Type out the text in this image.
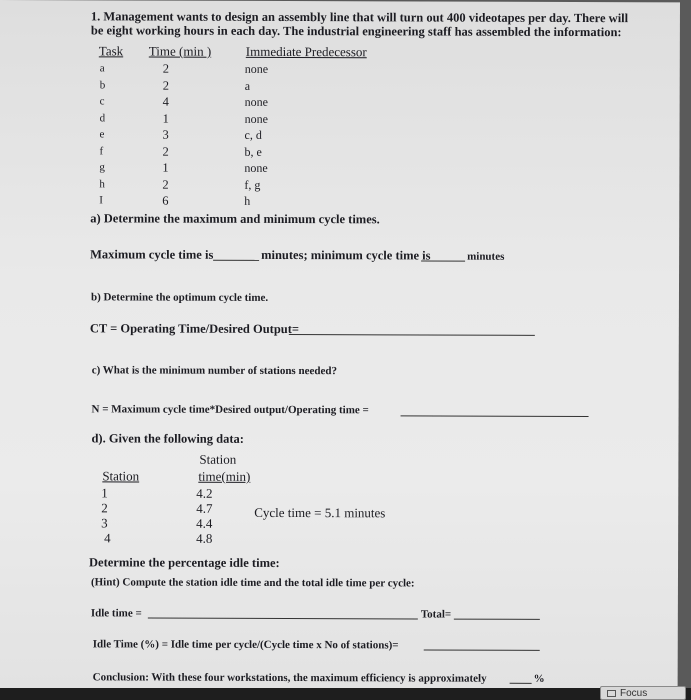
1. Management wants to design an assembly line that will turn out 400 videotapes per day. There will
be eight working hours in each day. The industrial engineering staff has assembled the information:
Task Time (min )	Immediate Predecessor
a	2	none
b	2	a
c	4	none
d	1	none
e	3	c, d
f	2	b, e
g	1	none
h	2	f, g
I	6	h
a) Determine the maximum and minimum cycle times.
Maximum cycle time is	minutes; minimum cycle time is	minutes
b) Determine the optimum cycle time.
CT = Operating Time/Desired Output=
c) What is the minimum number of stations needed?
N = Maximum cycle time*Desired output/Operating time =
d). Given the following data:
Station
Station	time(min)
1	4.2
2	4.7
3	4.4
4	4.8
Cycle time = 5.1 minutes
Determine the percentage idle time:
(Hint) Compute the station idle time and the total idle time per cycle:
Idle time =	Total=
Idle Time (%) = Idle time per cycle/(Cycle time x No of stations)=
Conclusion: With these four workstations, the maximum efficiency is approximately	%
Focus
